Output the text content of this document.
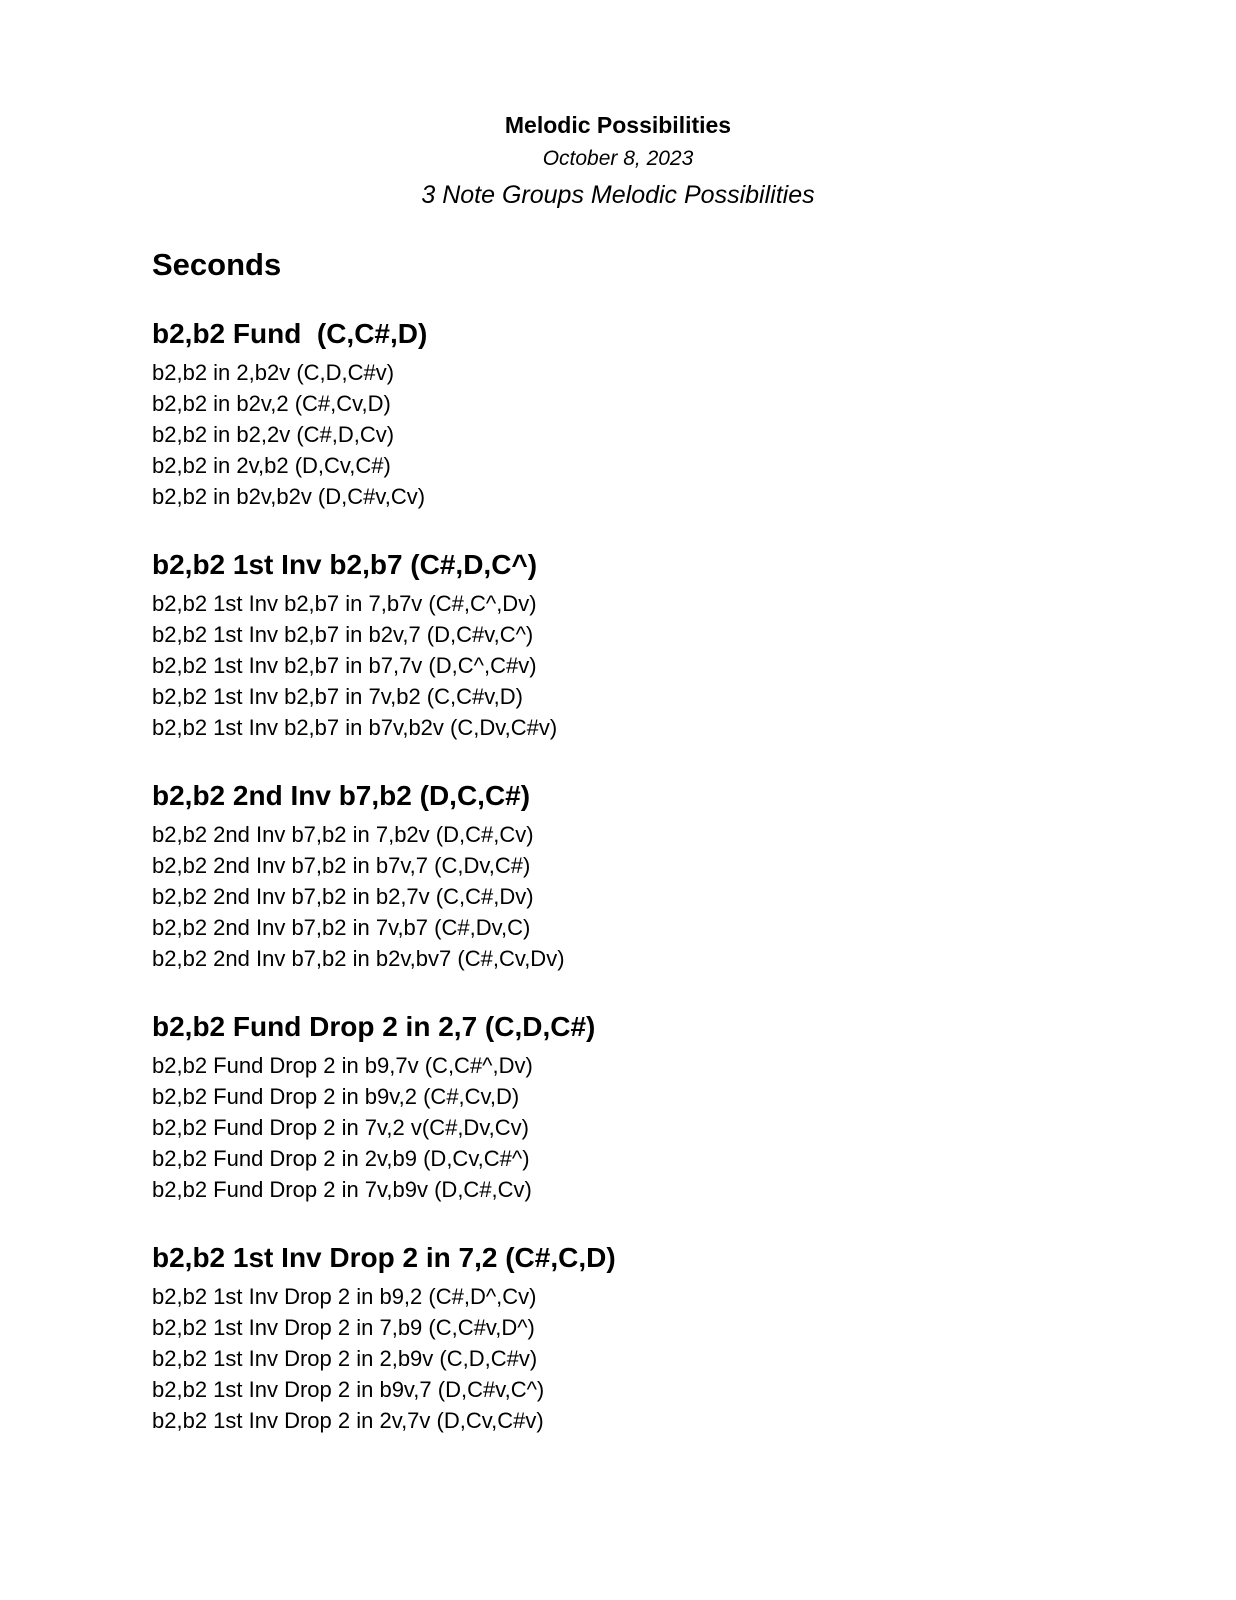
Melodic Possibilities
October 8, 2023
3 Note Groups Melodic Possibilities
Seconds
b2,b2 Fund  (C,C#,D)
b2,b2 in 2,b2v (C,D,C#v)
b2,b2 in b2v,2 (C#,Cv,D)
b2,b2 in b2,2v (C#,D,Cv)
b2,b2 in 2v,b2 (D,Cv,C#)
b2,b2 in b2v,b2v (D,C#v,Cv)
b2,b2 1st Inv b2,b7 (C#,D,C^)
b2,b2 1st Inv b2,b7 in 7,b7v (C#,C^,Dv)
b2,b2 1st Inv b2,b7 in b2v,7 (D,C#v,C^)
b2,b2 1st Inv b2,b7 in b7,7v (D,C^,C#v)
b2,b2 1st Inv b2,b7 in 7v,b2 (C,C#v,D)
b2,b2 1st Inv b2,b7 in b7v,b2v (C,Dv,C#v)
b2,b2 2nd Inv b7,b2 (D,C,C#)
b2,b2 2nd Inv b7,b2 in 7,b2v (D,C#,Cv)
b2,b2 2nd Inv b7,b2 in b7v,7 (C,Dv,C#)
b2,b2 2nd Inv b7,b2 in b2,7v (C,C#,Dv)
b2,b2 2nd Inv b7,b2 in 7v,b7 (C#,Dv,C)
b2,b2 2nd Inv b7,b2 in b2v,bv7 (C#,Cv,Dv)
b2,b2 Fund Drop 2 in 2,7 (C,D,C#)
b2,b2 Fund Drop 2 in b9,7v (C,C#^,Dv)
b2,b2 Fund Drop 2 in b9v,2 (C#,Cv,D)
b2,b2 Fund Drop 2 in 7v,2 v(C#,Dv,Cv)
b2,b2 Fund Drop 2 in 2v,b9 (D,Cv,C#^)
b2,b2 Fund Drop 2 in 7v,b9v (D,C#,Cv)
b2,b2 1st Inv Drop 2 in 7,2 (C#,C,D)
b2,b2 1st Inv Drop 2 in b9,2 (C#,D^,Cv)
b2,b2 1st Inv Drop 2 in 7,b9 (C,C#v,D^)
b2,b2 1st Inv Drop 2 in 2,b9v (C,D,C#v)
b2,b2 1st Inv Drop 2 in b9v,7 (D,C#v,C^)
b2,b2 1st Inv Drop 2 in 2v,7v (D,Cv,C#v)
